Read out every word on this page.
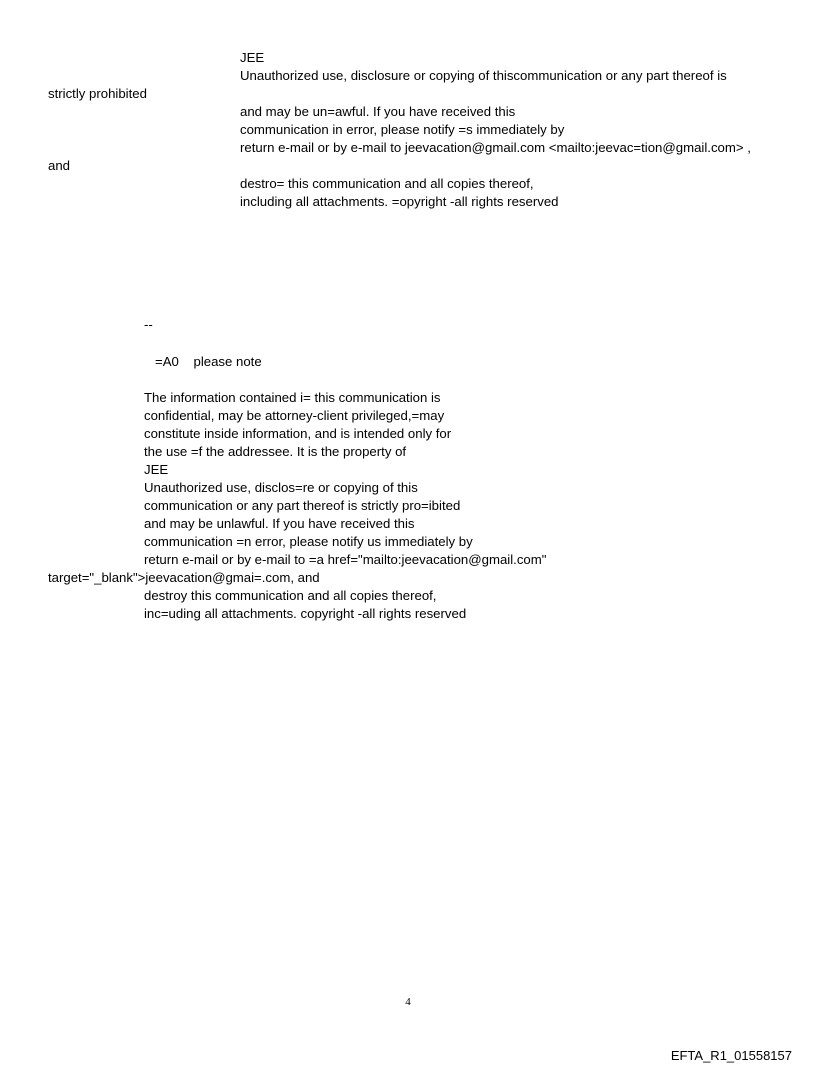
JEE
Unauthorized use, disclosure or copying of thiscommunication or any part thereof is
strictly prohibited
and may be un=awful. If you have received this
communication in error, please notify =s immediately by
return e-mail or by e-mail to jeevacation@gmail.com <mailto:jeevac=tion@gmail.com> ,
and
destro= this communication and all copies thereof,
including all attachments. =opyright -all rights reserved
--
=A0    please note
The information contained i= this communication is
confidential, may be attorney-client privileged,=may
constitute inside information, and is intended only for
the use =f the addressee. It is the property of
JEE
Unauthorized use, disclos=re or copying of this
communication or any part thereof is strictly pro=ibited
and may be unlawful. If you have received this
communication =n error, please notify us immediately by
return e-mail or by e-mail to =a href="mailto:jeevacation@gmail.com"
target="_blank">jeevacation@gmai=.com, and
destroy this communication and all copies thereof,
inc=uding all attachments. copyright -all rights reserved
4
EFTA_R1_01558157
